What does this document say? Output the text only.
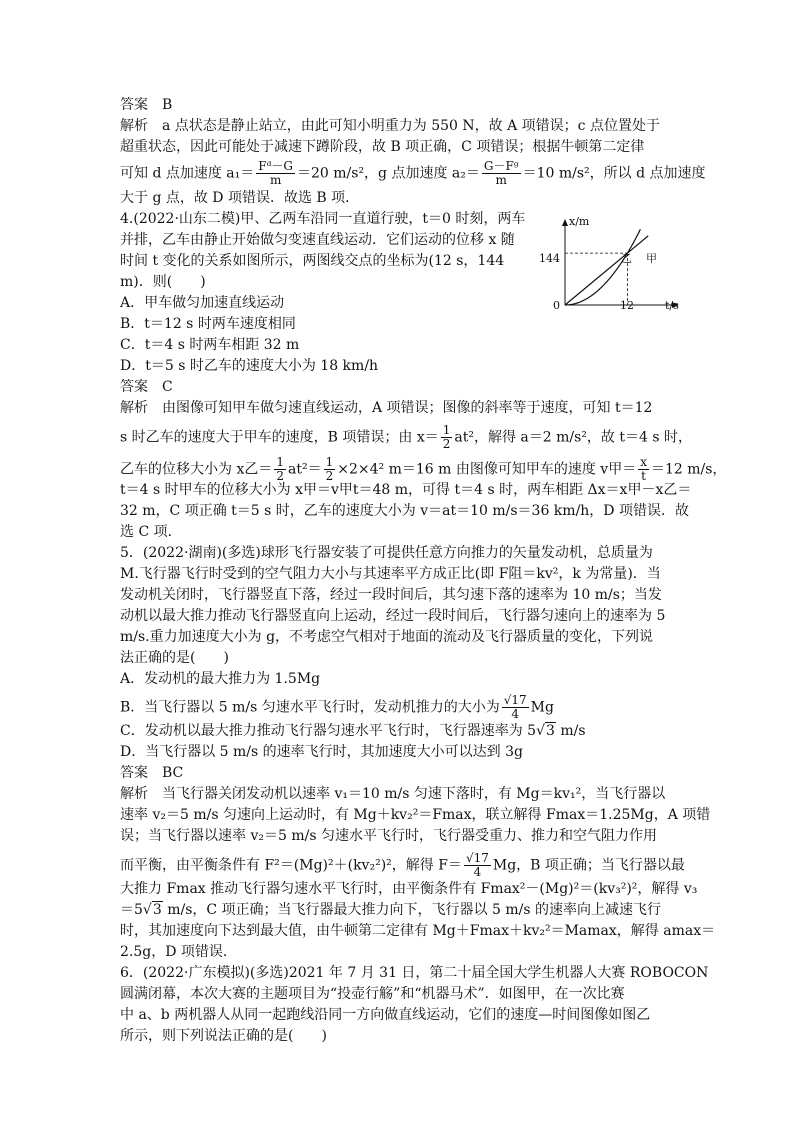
答案　B
解析　a 点状态是静止站立，由此可知小明重力为 550 N，故 A 项错误；c 点位置处于
超重状态，因此可能处于减速下蹲阶段，故 B 项正确，C 项错误；根据牛顿第二定律
可知 d 点加速度 $a_1= \frac{\text{Fᵈ－G}}{m} =20$ m/s²，g 点加速度 $a_2= \frac{\text{G－Fᵍ}}{m} =10$ m/s²，所以 d 点加速度
大于 g 点，故 D 项错误．故选 B 项．
4.(2022·山东二模)甲、乙两车沿同一直道行驶，t＝0 时刻，两车
并排，乙车由静止开始做匀变速直线运动．它们运动的位移 x 随
时间 t 变化的关系如图所示，两图线交点的坐标为(12 s，144
m)．则(　　)
A．甲车做匀加速直线运动
B．t＝12 s 时两车速度相同
C．t＝4 s 时两车相距 32 m
D．t＝5 s 时乙车的速度大小为 18 km/h
答案　C
解析　由图像可知甲车做匀速直线运动，A 项错误；图像的斜率等于速度，可知 t＝12
s 时乙车的速度大于甲车的速度，B 项错误；由 $x= \frac{1}{2} at^2$，解得 a＝2 m/s²，故 t＝4 s 时，
乙车的位移大小为 x乙＝ $\frac{1}{2} at^2= \frac{1}{2} \times 2\times 4^2$ m＝16 m 由图像可知甲车的速度 v甲＝ $\frac{x}{t} =12$ m/s，
t＝4 s 时甲车的位移大小为 x甲＝v甲t＝48 m，可得 t＝4 s 时，两车相距 Δx＝x甲－x乙＝
32 m，C 项正确 t＝5 s 时，乙车的速度大小为 v＝at＝10 m/s＝36 km/h，D 项错误．故
选 C 项．
5．(2022·湖南)(多选)球形飞行器安装了可提供任意方向推力的矢量发动机，总质量为
M.飞行器飞行时受到的空气阻力大小与其速率平方成正比(即 F阻＝kv²，k 为常量)．当
发动机关闭时，飞行器竖直下落，经过一段时间后，其匀速下落的速率为 10 m/s；当发
动机以最大推力推动飞行器竖直向上运动，经过一段时间后，飞行器匀速向上的速率为 5
m/s.重力加速度大小为 g，不考虑空气相对于地面的流动及飞行器质量的变化，下列说
法正确的是(　　)
A．发动机的最大推力为 1.5Mg
B．当飞行器以 5 m/s 匀速水平飞行时，发动机推力的大小为 $\frac{√17}{4}$ Mg
C．发动机以最大推力推动飞行器匀速水平飞行时，飞行器速率为 5√3 m/s
D．当飞行器以 5 m/s 的速率飞行时，其加速度大小可以达到 3g
答案　BC
解析　当飞行器关闭发动机以速率 v₁＝10 m/s 匀速下落时，有 Mg＝kv₁²，当飞行器以
速率 v₂＝5 m/s 匀速向上运动时，有 Mg＋kv₂²＝Fmax，联立解得 Fmax＝1.25Mg，A 项错
误；当飞行器以速率 v₂＝5 m/s 匀速水平飞行时，飞行器受重力、推力和空气阻力作用
而平衡，由平衡条件有 F²＝(Mg)²＋(kv₂²)²，解得 $F= \frac{√17}{4}$ Mg，B 项正确；当飞行器以最
大推力 Fmax 推动飞行器匀速水平飞行时，由平衡条件有 Fmax²－(Mg)²＝(kv₃²)²，解得 v₃
＝5√3 m/s，C 项正确；当飞行器最大推力向下，飞行器以 5 m/s 的速率向上减速飞行
时，其加速度向下达到最大值，由牛顿第二定律有 Mg＋Fmax＋kv₂²＝Mamax，解得 amax＝
2.5g，D 项错误．
6．(2022·广东模拟)(多选)2021 年 7 月 31 日，第二十届全国大学生机器人大赛 ROBOCON
圆满闭幕，本次大赛的主题项目为“投壶行觞”和“机器马术”．如图甲，在一次比赛
中 a、b 两机器人从同一起跑线沿同一方向做直线运动，它们的速度—时间图像如图乙
所示，则下列说法正确的是(　　)
x/m
t/s
144
12
0
乙 甲
